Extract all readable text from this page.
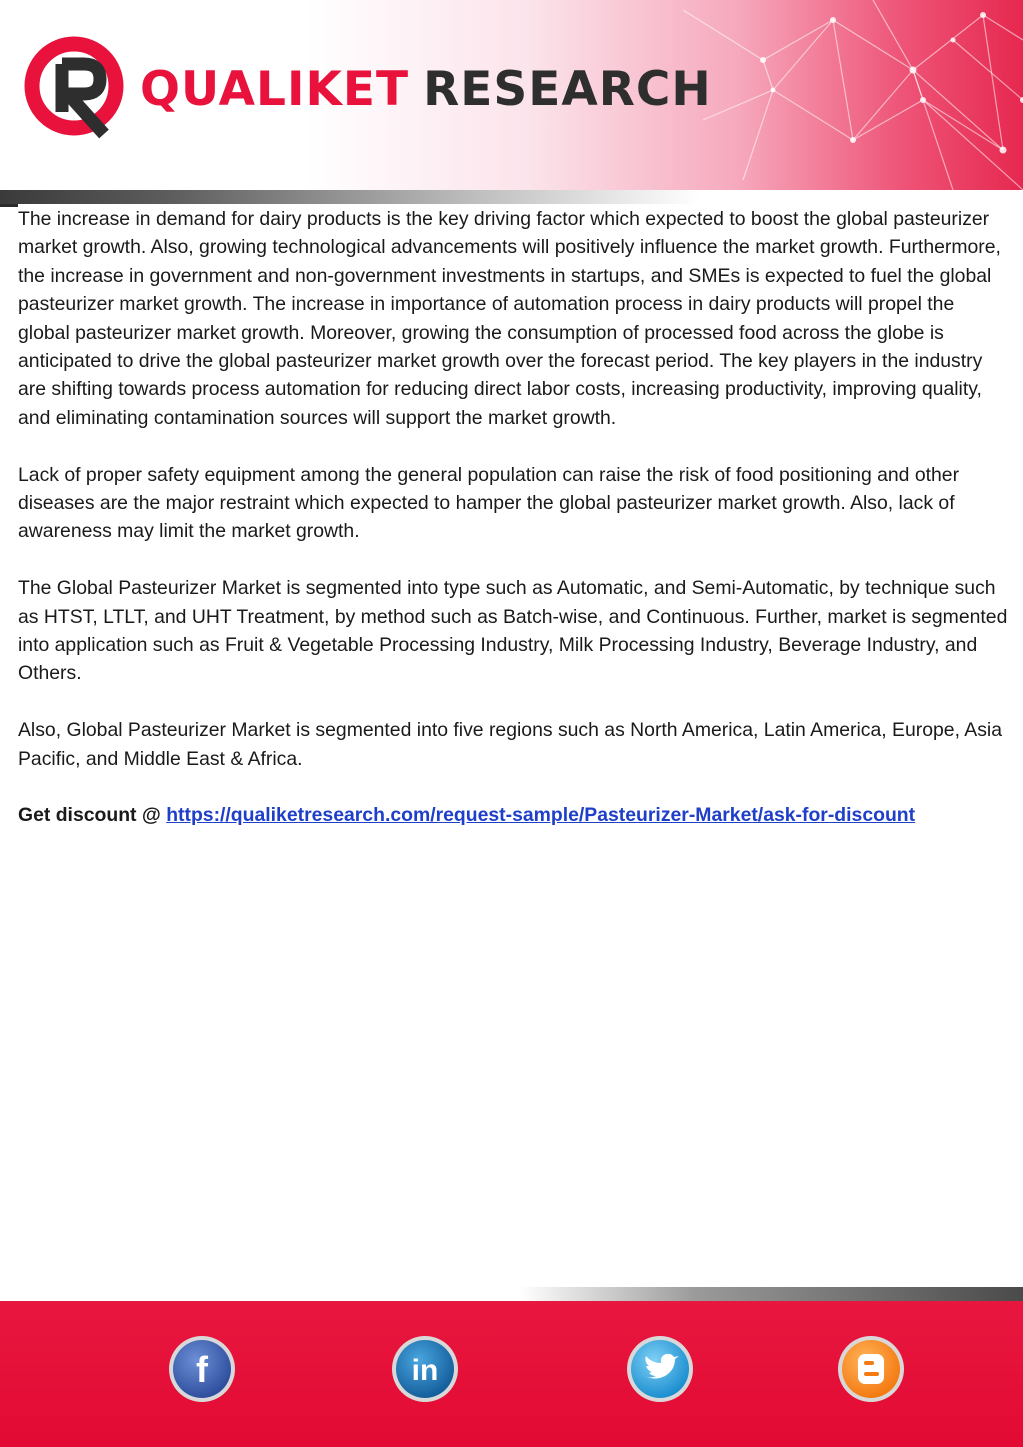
QUALIKET RESEARCH

The increase in demand for dairy products is the key driving factor which expected to boost the global pasteurizer market growth. Also, growing technological advancements will positively influence the market growth. Furthermore, the increase in government and non-government investments in startups, and SMEs is expected to fuel the global pasteurizer market growth. The increase in importance of automation process in dairy products will propel the global pasteurizer market growth. Moreover, growing the consumption of processed food across the globe is anticipated to drive the global pasteurizer market growth over the forecast period. The key players in the industry are shifting towards process automation for reducing direct labor costs, increasing productivity, improving quality, and eliminating contamination sources will support the market growth.

Lack of proper safety equipment among the general population can raise the risk of food positioning and other diseases are the major restraint which expected to hamper the global pasteurizer market growth. Also, lack of awareness may limit the market growth.

The Global Pasteurizer Market is segmented into type such as Automatic, and Semi-Automatic, by technique such as HTST, LTLT, and UHT Treatment, by method such as Batch-wise, and Continuous. Further, market is segmented into application such as Fruit & Vegetable Processing Industry, Milk Processing Industry, Beverage Industry, and Others.

Also, Global Pasteurizer Market is segmented into five regions such as North America, Latin America, Europe, Asia Pacific, and Middle East & Africa.

Get discount @ https://qualiketresearch.com/request-sample/Pasteurizer-Market/ask-for-discount

f	in
